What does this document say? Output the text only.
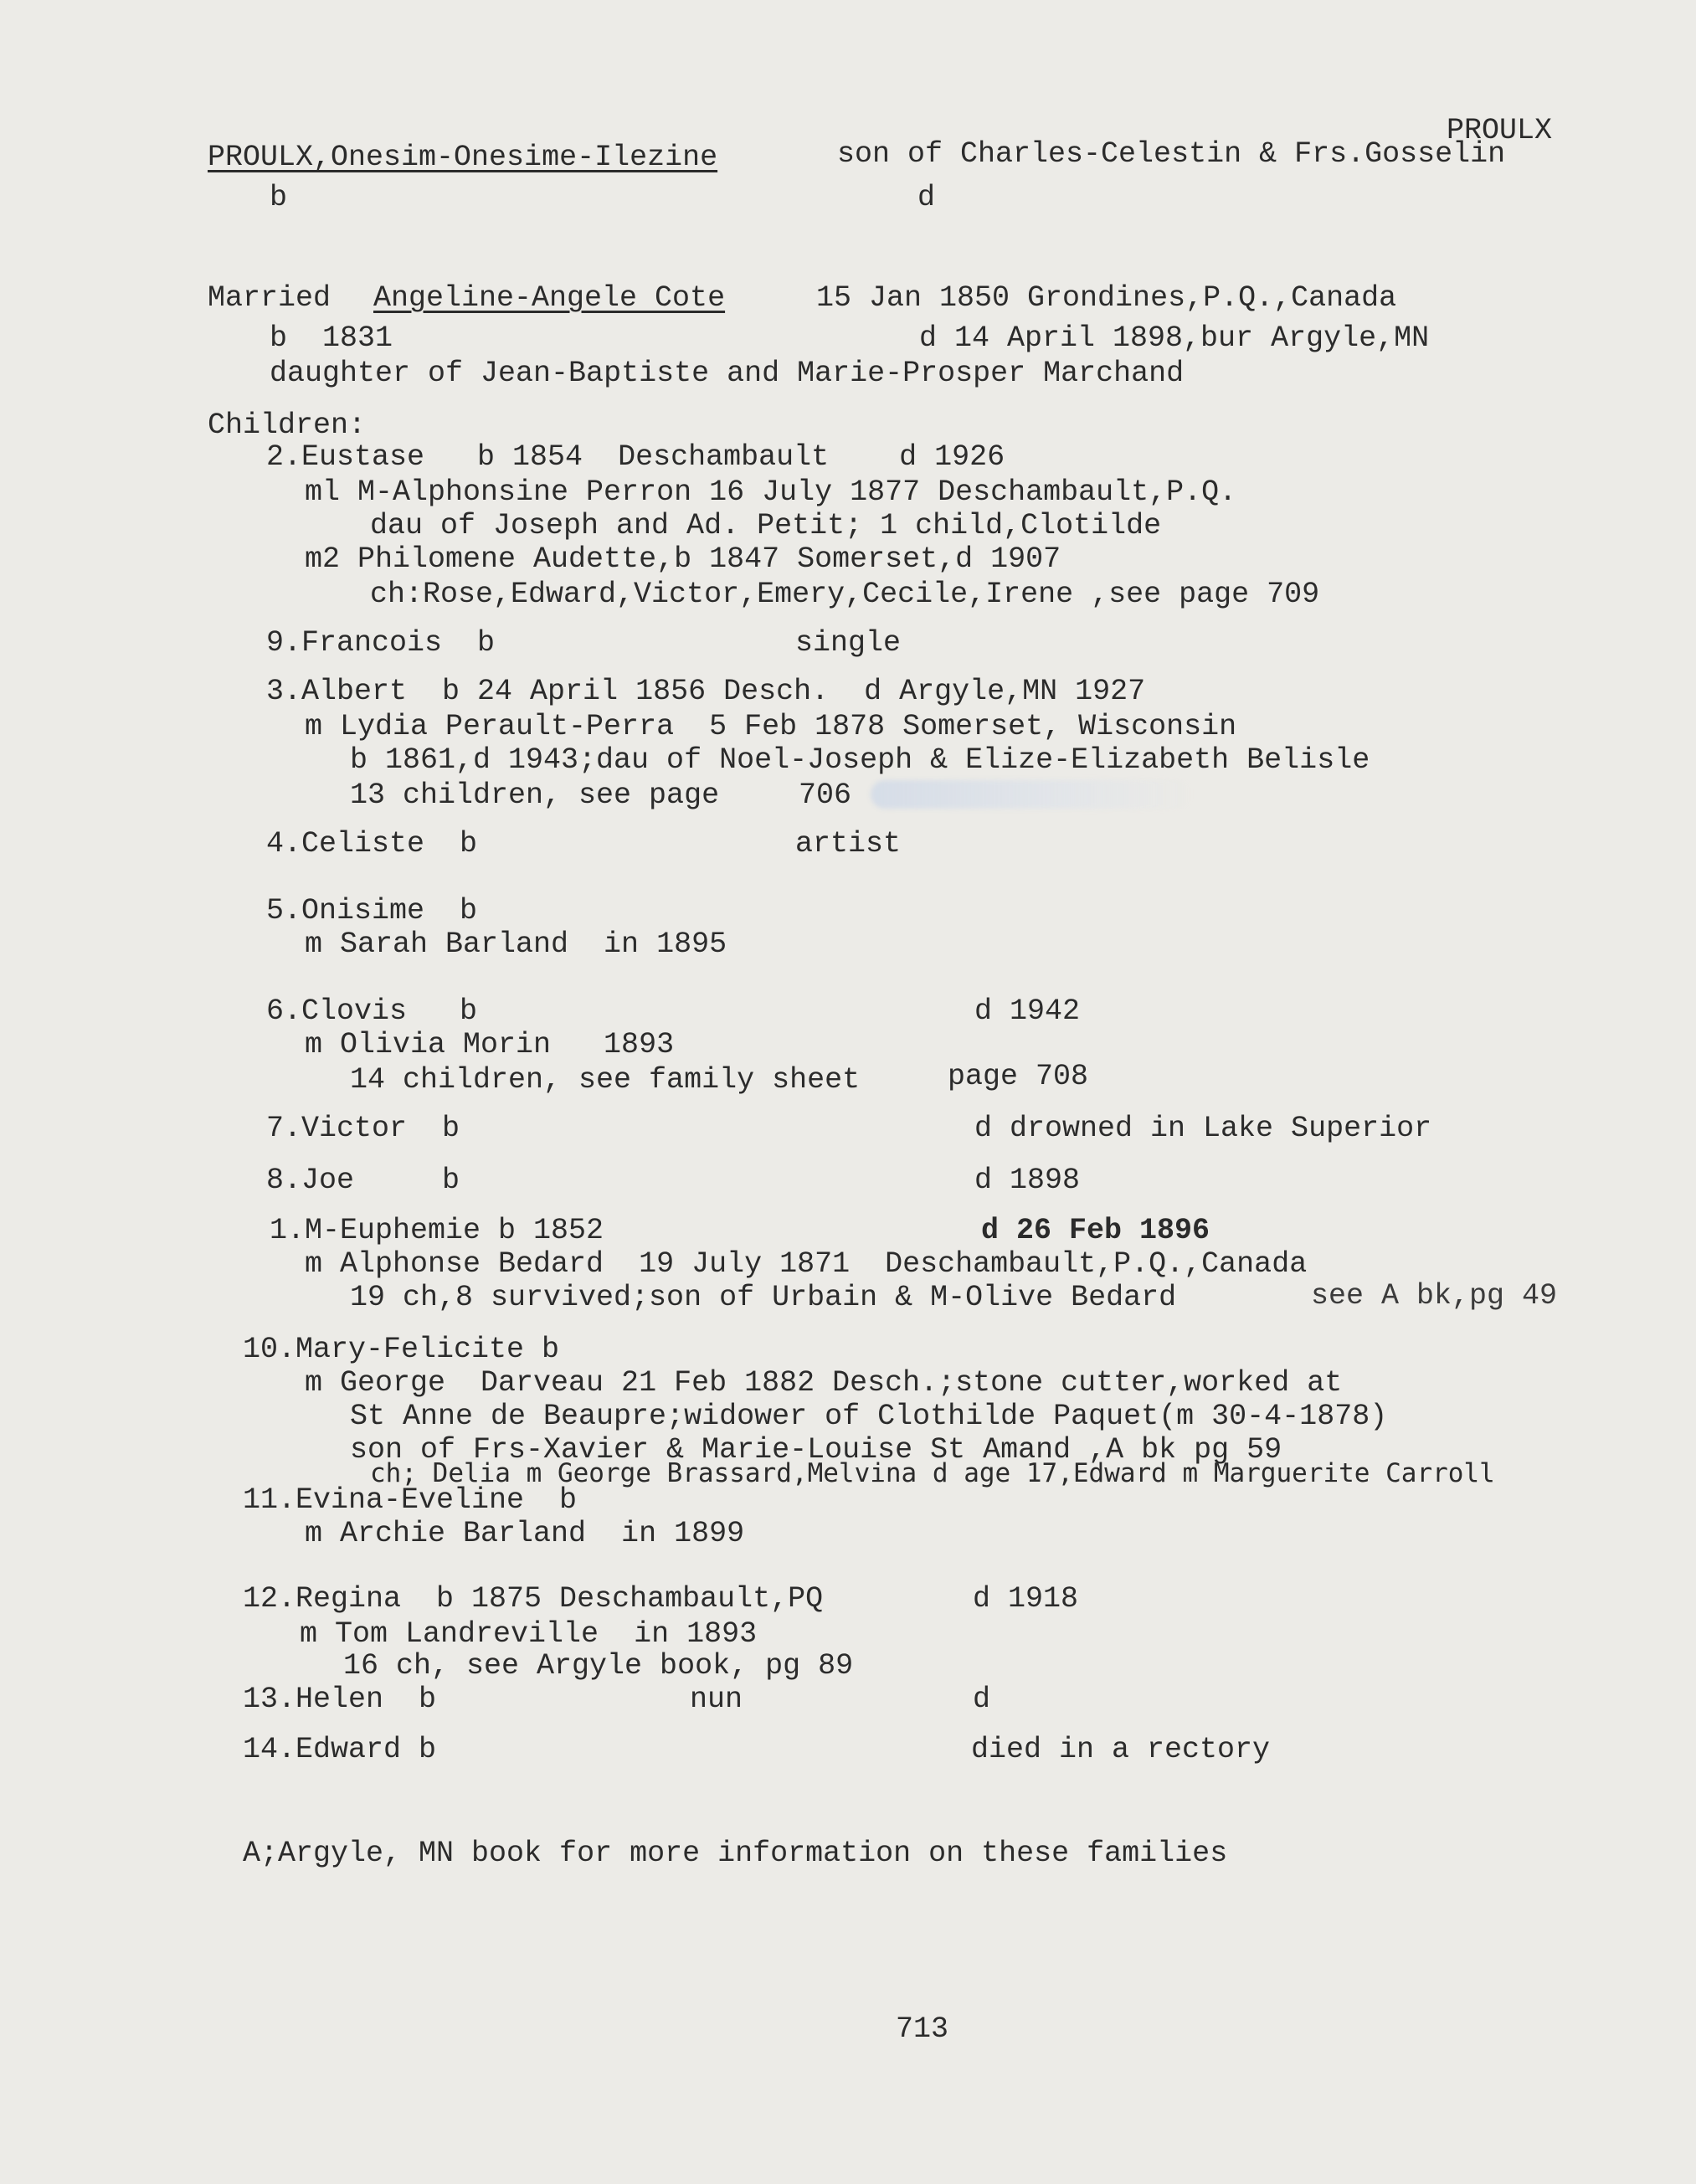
PROULX
PROULX,Onesim-Onesime-Ilezine	son of Charles-Celestin & Frs.Gosselin
b	d
Married Angeline-Angele Cote	15 Jan 1850 Grondines,P.Q.,Canada
b  1831	d 14 April 1898,bur Argyle,MN
daughter of Jean-Baptiste and Marie-Prosper Marchand
Children:
2.Eustase   b 1854  Deschambault    d 1926
ml M-Alphonsine Perron 16 July 1877 Deschambault,P.Q.
dau of Joseph and Ad. Petit; 1 child,Clotilde
m2 Philomene Audette,b 1847 Somerset,d 1907
ch:Rose,Edward,Victor,Emery,Cecile,Irene ,see page 709
9.Francois  b	single
3.Albert  b 24 April 1856 Desch.  d Argyle,MN 1927
m Lydia Perault-Perra  5 Feb 1878 Somerset, Wisconsin
b 1861,d 1943;dau of Noel-Joseph & Elize-Elizabeth Belisle
13 children, see page	706
4.Celiste  b	artist
5.Onisime  b
m Sarah Barland  in 1895
6.Clovis   b	d 1942
m Olivia Morin   1893
14 children, see family sheet	page 708
7.Victor  b	d drowned in Lake Superior
8.Joe     b	d 1898
1.M-Euphemie b 1852	d 26 Feb 1896
m Alphonse Bedard  19 July 1871  Deschambault,P.Q.,Canada
19 ch,8 survived;son of Urbain & M-Olive Bedard	see A bk,pg 49
10.Mary-Felicite b
m George  Darveau 21 Feb 1882 Desch.;stone cutter,worked at
St Anne de Beaupre;widower of Clothilde Paquet(m 30-4-1878)
son of Frs-Xavier & Marie-Louise St Amand ,A bk pg 59
ch; Delia m George Brassard,Melvina d age 17,Edward m Marguerite Carroll
11.Evina-Eveline  b
m Archie Barland  in 1899
12.Regina  b 1875 Deschambault,PQ	d 1918
m Tom Landreville  in 1893
16 ch, see Argyle book, pg 89
13.Helen  b	nun	d
14.Edward b	died in a rectory
A;Argyle, MN book for more information on these families
713
